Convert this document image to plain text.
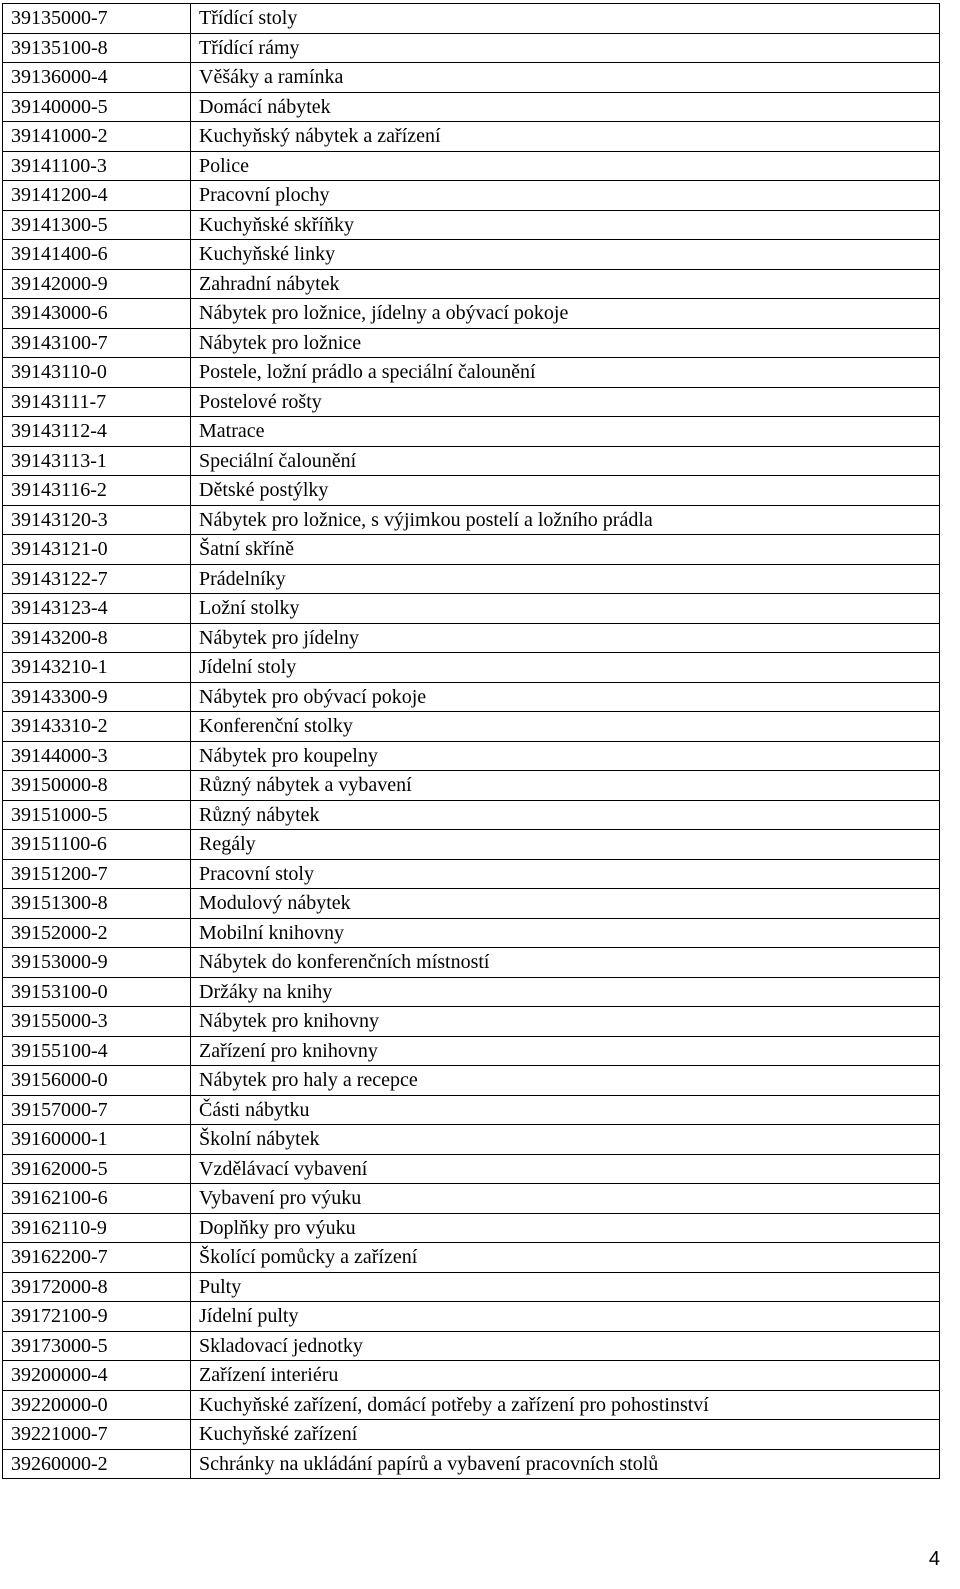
39135000-7	Třídící stoly
39135100-8	Třídící rámy
39136000-4	Věšáky a ramínka
39140000-5	Domácí nábytek
39141000-2	Kuchyňský nábytek a zařízení
39141100-3	Police
39141200-4	Pracovní plochy
39141300-5	Kuchyňské skříňky
39141400-6	Kuchyňské linky
39142000-9	Zahradní nábytek
39143000-6	Nábytek pro ložnice, jídelny a obývací pokoje
39143100-7	Nábytek pro ložnice
39143110-0	Postele, ložní prádlo a speciální čalounění
39143111-7	Postelové rošty
39143112-4	Matrace
39143113-1	Speciální čalounění
39143116-2	Dětské postýlky
39143120-3	Nábytek pro ložnice, s výjimkou postelí a ložního prádla
39143121-0	Šatní skříně
39143122-7	Prádelníky
39143123-4	Ložní stolky
39143200-8	Nábytek pro jídelny
39143210-1	Jídelní stoly
39143300-9	Nábytek pro obývací pokoje
39143310-2	Konferenční stolky
39144000-3	Nábytek pro koupelny
39150000-8	Různý nábytek a vybavení
39151000-5	Různý nábytek
39151100-6	Regály
39151200-7	Pracovní stoly
39151300-8	Modulový nábytek
39152000-2	Mobilní knihovny
39153000-9	Nábytek do konferenčních místností
39153100-0	Držáky na knihy
39155000-3	Nábytek pro knihovny
39155100-4	Zařízení pro knihovny
39156000-0	Nábytek pro haly a recepce
39157000-7	Části nábytku
39160000-1	Školní nábytek
39162000-5	Vzdělávací vybavení
39162100-6	Vybavení pro výuku
39162110-9	Doplňky pro výuku
39162200-7	Školící pomůcky a zařízení
39172000-8	Pulty
39172100-9	Jídelní pulty
39173000-5	Skladovací jednotky
39200000-4	Zařízení interiéru
39220000-0	Kuchyňské zařízení, domácí potřeby a zařízení pro pohostinství
39221000-7	Kuchyňské zařízení
39260000-2	Schránky na ukládání papírů a vybavení pracovních stolů
4
